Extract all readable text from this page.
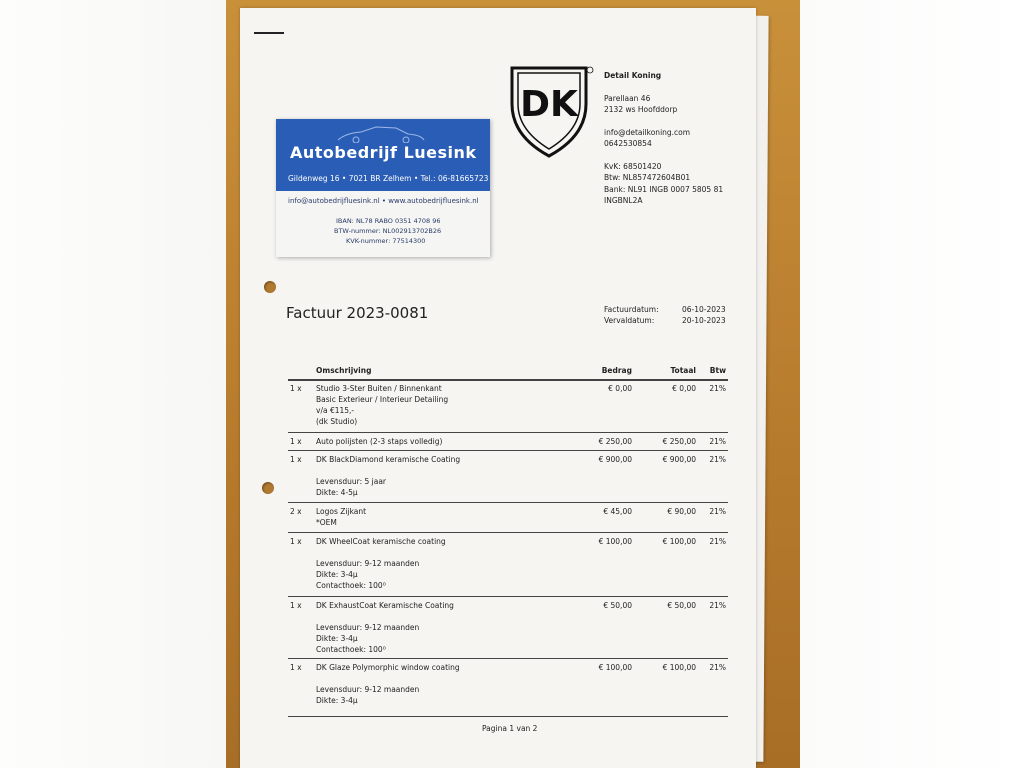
Autobedrijf Luesink
Gildenweg 16 • 7021 BR Zelhem • Tel.: 06-81665723
info@autobedrijfluesink.nl • www.autobedrijfluesink.nl
IBAN: NL78 RABO 0351 4708 96
BTW-nummer: NL002913702B26
KVK-nummer: 77514300
DK
Detail Koning
Parellaan 46
2132 ws Hoofddorp
info@detailkoning.com
0642530854
KvK: 68501420
Btw: NL857472604B01
Bank: NL91 INGB 0007 5805 81
INGBNL2A
Factuur 2023-0081	Factuurdatum:	06-10-2023
Vervaldatum:	20-10-2023
Omschrijving	Bedrag	Totaal	Btw
1 x Studio 3-Ster Buiten / Binnenkant
Basic Exterieur / Interieur Detailing
v/a €115,-
(dk Studio)
€ 0,00	€ 0,00	21%
1 x Auto polijsten (2-3 staps volledig)	€ 250,00	€ 250,00	21%
1 x DK BlackDiamond keramische Coating
Levensduur: 5 jaar
Dikte: 4-5µ
€ 900,00	€ 900,00	21%
2 x Logos Zijkant
*OEM
€ 45,00	€ 90,00	21%
1 x DK WheelCoat keramische coating
Levensduur: 9-12 maanden
Dikte: 3-4µ
Contacthoek: 100⁰
€ 100,00	€ 100,00	21%
1 x DK ExhaustCoat Keramische Coating
Levensduur: 9-12 maanden
Dikte: 3-4µ
Contacthoek: 100⁰
€ 50,00	€ 50,00	21%
1 x DK Glaze Polymorphic window coating
Levensduur: 9-12 maanden
Dikte: 3-4µ
€ 100,00	€ 100,00	21%
Pagina 1 van 2
